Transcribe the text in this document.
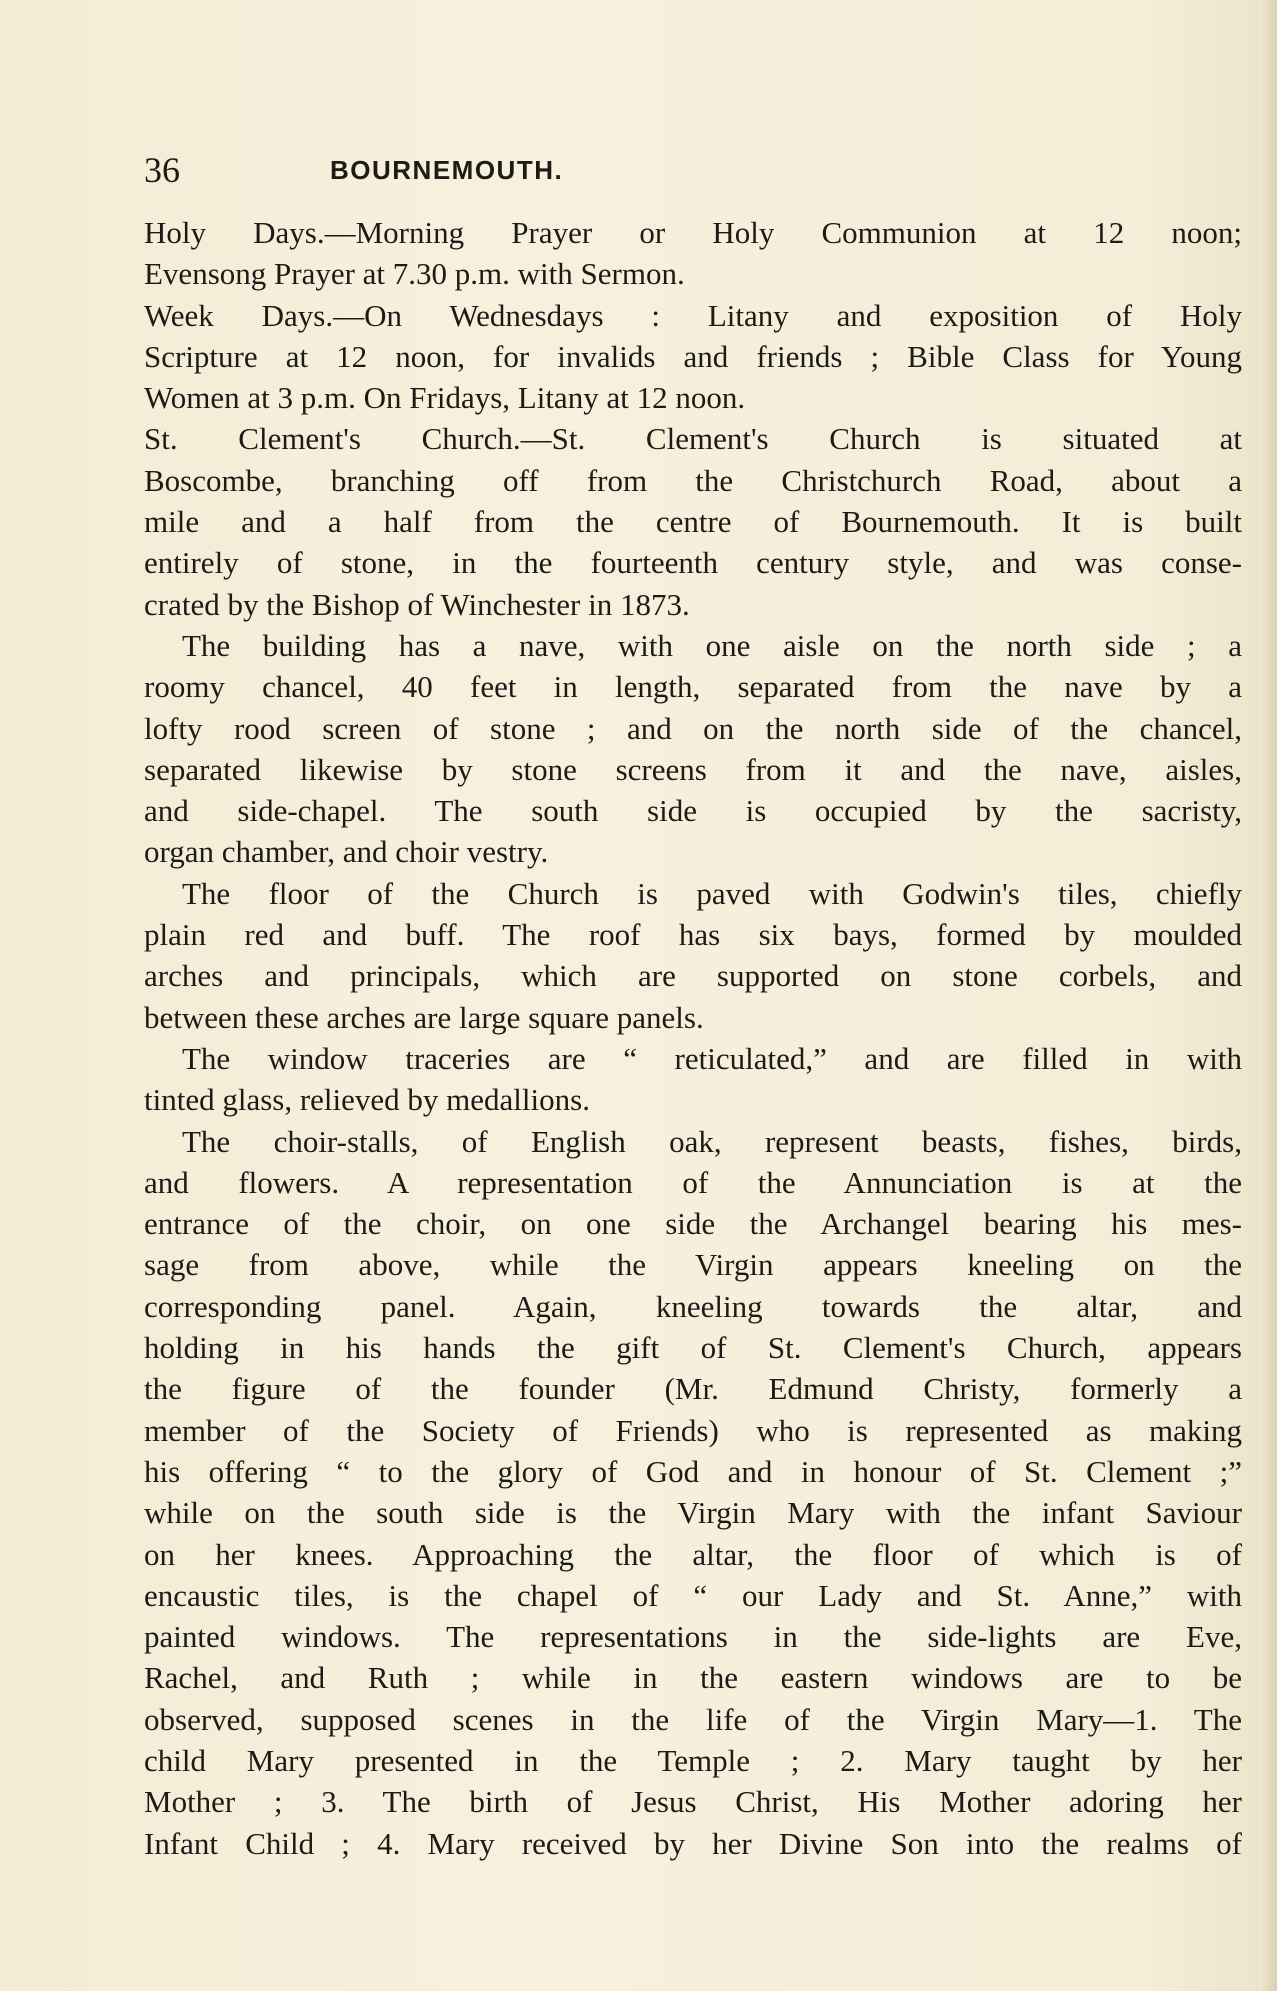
36	BOURNEMOUTH.
Holy Days.—Morning Prayer or Holy Communion at 12 noon;
Evensong Prayer at 7.30 p.m. with Sermon.
Week Days.—On Wednesdays : Litany and exposition of Holy
Scripture at 12 noon, for invalids and friends ; Bible Class for Young
Women at 3 p.m. On Fridays, Litany at 12 noon.
St. Clement's Church.—St. Clement's Church is situated at
Boscombe, branching off from the Christchurch Road, about a
mile and a half from the centre of Bournemouth. It is built
entirely of stone, in the fourteenth century style, and was conse-
crated by the Bishop of Winchester in 1873.
The building has a nave, with one aisle on the north side ; a
roomy chancel, 40 feet in length, separated from the nave by a
lofty rood screen of stone ; and on the north side of the chancel,
separated likewise by stone screens from it and the nave, aisles,
and side-chapel. The south side is occupied by the sacristy,
organ chamber, and choir vestry.
The floor of the Church is paved with Godwin's tiles, chiefly
plain red and buff. The roof has six bays, formed by moulded
arches and principals, which are supported on stone corbels, and
between these arches are large square panels.
The window traceries are “ reticulated,” and are filled in with
tinted glass, relieved by medallions.
The choir-stalls, of English oak, represent beasts, fishes, birds,
and flowers. A representation of the Annunciation is at the
entrance of the choir, on one side the Archangel bearing his mes-
sage from above, while the Virgin appears kneeling on the
corresponding panel. Again, kneeling towards the altar, and
holding in his hands the gift of St. Clement's Church, appears
the figure of the founder (Mr. Edmund Christy, formerly a
member of the Society of Friends) who is represented as making
his offering “ to the glory of God and in honour of St. Clement ;”
while on the south side is the Virgin Mary with the infant Saviour
on her knees. Approaching the altar, the floor of which is of
encaustic tiles, is the chapel of “ our Lady and St. Anne,” with
painted windows. The representations in the side-lights are Eve,
Rachel, and Ruth ; while in the eastern windows are to be
observed, supposed scenes in the life of the Virgin Mary—1. The
child Mary presented in the Temple ; 2. Mary taught by her
Mother ; 3. The birth of Jesus Christ, His Mother adoring her
Infant Child ; 4. Mary received by her Divine Son into the realms of
